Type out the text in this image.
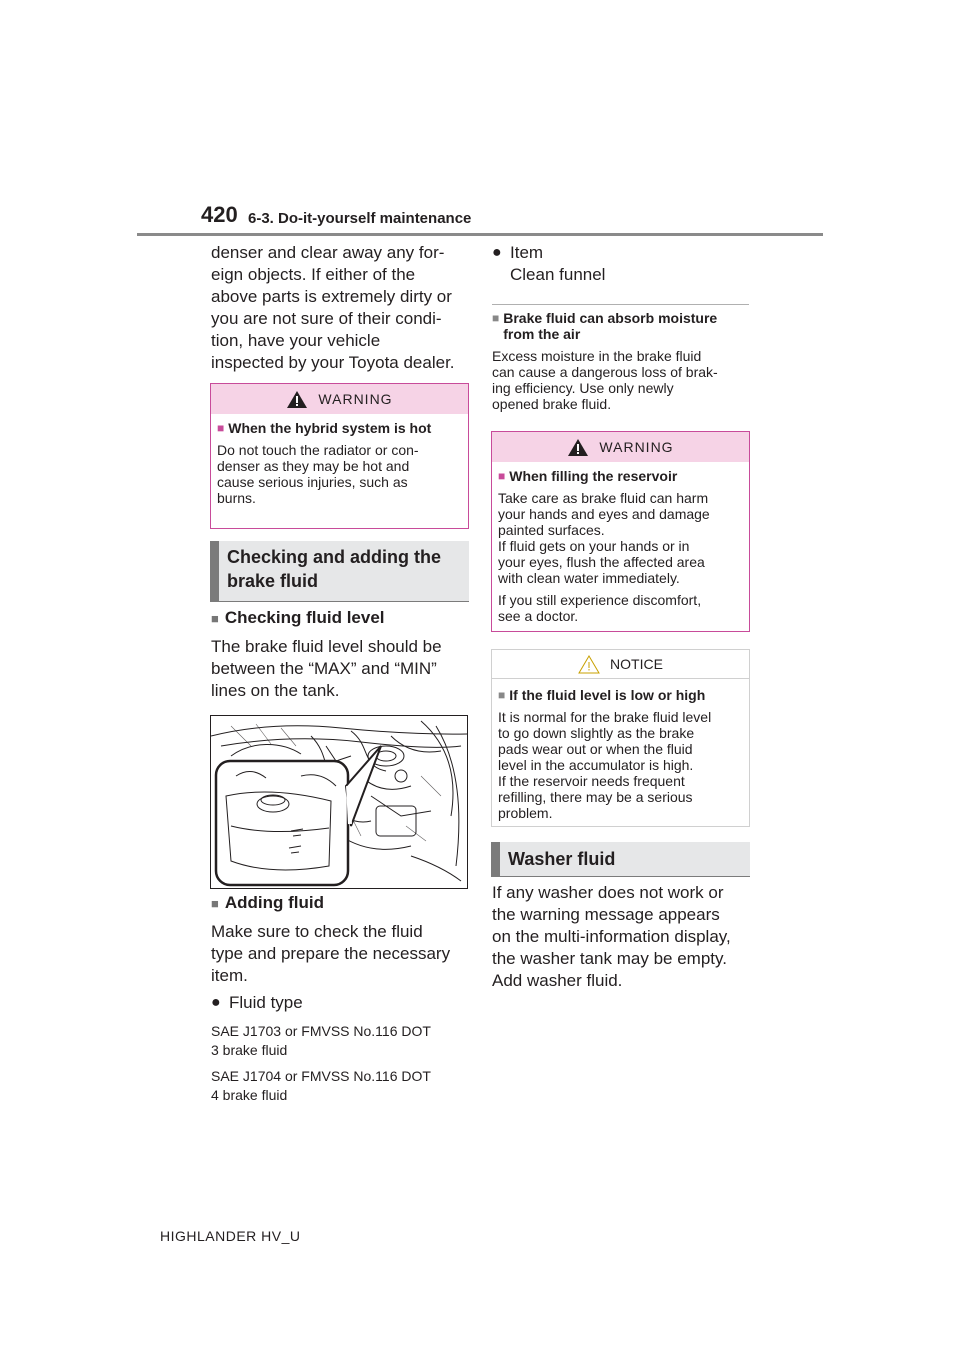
420 6-3. Do-it-yourself maintenance
denser and clear away any for-
eign objects. If either of the
above parts is extremely dirty or
you are not sure of their condi-
tion, have your vehicle
inspected by your Toyota dealer.
WARNING
■ When the hybrid system is hot
Do not touch the radiator or con-
denser as they may be hot and
cause serious injuries, such as
burns.
Checking and adding the brake fluid
■ Checking fluid level
The brake fluid level should be
between the “MAX” and “MIN”
lines on the tank.
■ Adding fluid
Make sure to check the fluid
type and prepare the necessary
item.
● Fluid type
SAE J1703 or FMVSS No.116 DOT
3 brake fluid
SAE J1704 or FMVSS No.116 DOT
4 brake fluid
● Item
Clean funnel
■ Brake fluid can absorb moisture
from the air
Excess moisture in the brake fluid
can cause a dangerous loss of brak-
ing efficiency. Use only newly
opened brake fluid.
WARNING
■ When filling the reservoir
Take care as brake fluid can harm
your hands and eyes and damage
painted surfaces.
If fluid gets on your hands or in
your eyes, flush the affected area
with clean water immediately.
If you still experience discomfort,
see a doctor.
NOTICE
■ If the fluid level is low or high
It is normal for the brake fluid level
to go down slightly as the brake
pads wear out or when the fluid
level in the accumulator is high.
If the reservoir needs frequent
refilling, there may be a serious
problem.
Washer fluid
If any washer does not work or
the warning message appears
on the multi-information display,
the washer tank may be empty.
Add washer fluid.
HIGHLANDER HV_U
